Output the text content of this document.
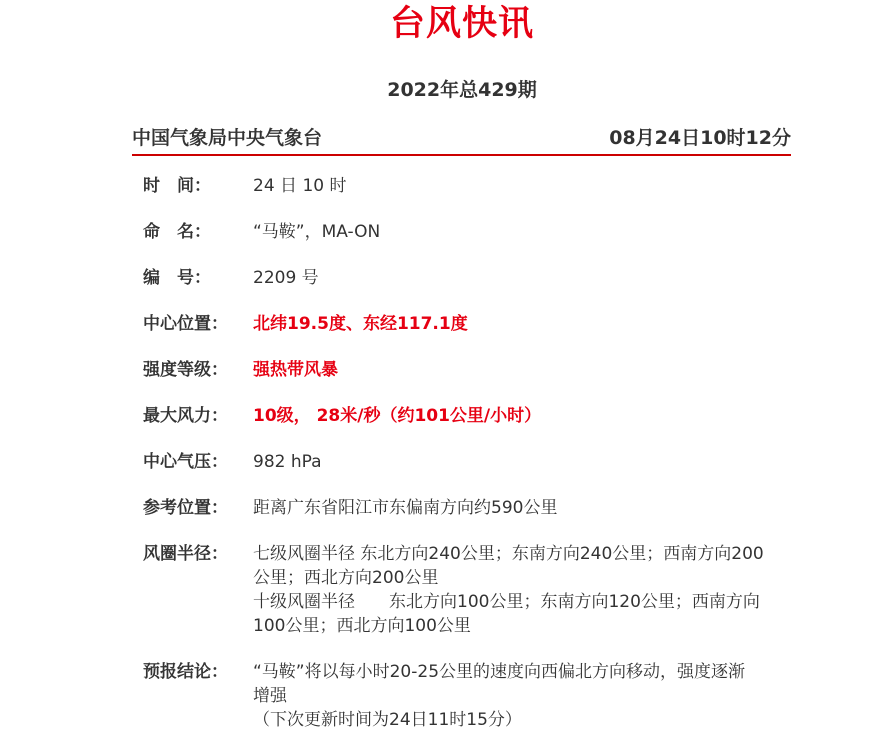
台风快讯
2022年总429期
中国气象局中央气象台	08月24日10时12分
时　间：	24 日 10 时
命　名：	“马鞍”，MA-ON
编　号：	2209 号
中心位置：	北纬19.5度、东经117.1度
强度等级：	强热带风暴
最大风力：	10级， 28米/秒（约101公里/小时）
中心气压：	982 hPa
参考位置：	距离广东省阳江市东偏南方向约590公里
风圈半径：	七级风圈半径 东北方向240公里；东南方向240公里；西南方向200
公里；西北方向200公里
十级风圈半径 东北方向100公里；东南方向120公里；西南方向
100公里；西北方向100公里
预报结论：	“马鞍”将以每小时20-25公里的速度向西偏北方向移动，强度逐渐
增强
（下次更新时间为24日11时15分）
